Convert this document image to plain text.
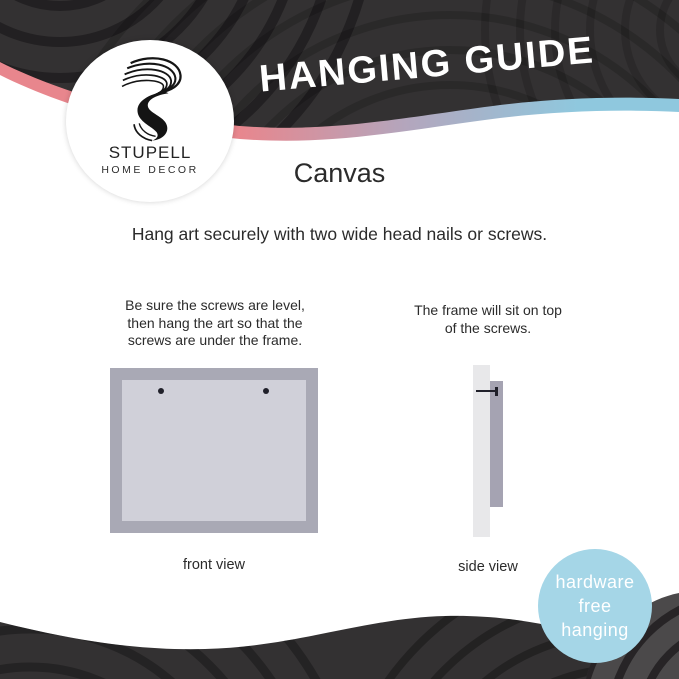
HANGING GUIDE
STUPELL
HOME DECOR	Canvas
Hang art securely with two wide head nails or screws.
Be sure the screws are level,
then hang the art so that the
screws are under the frame.
front view
The frame will sit on top
of the screws.
side view
hardware
free
hanging
